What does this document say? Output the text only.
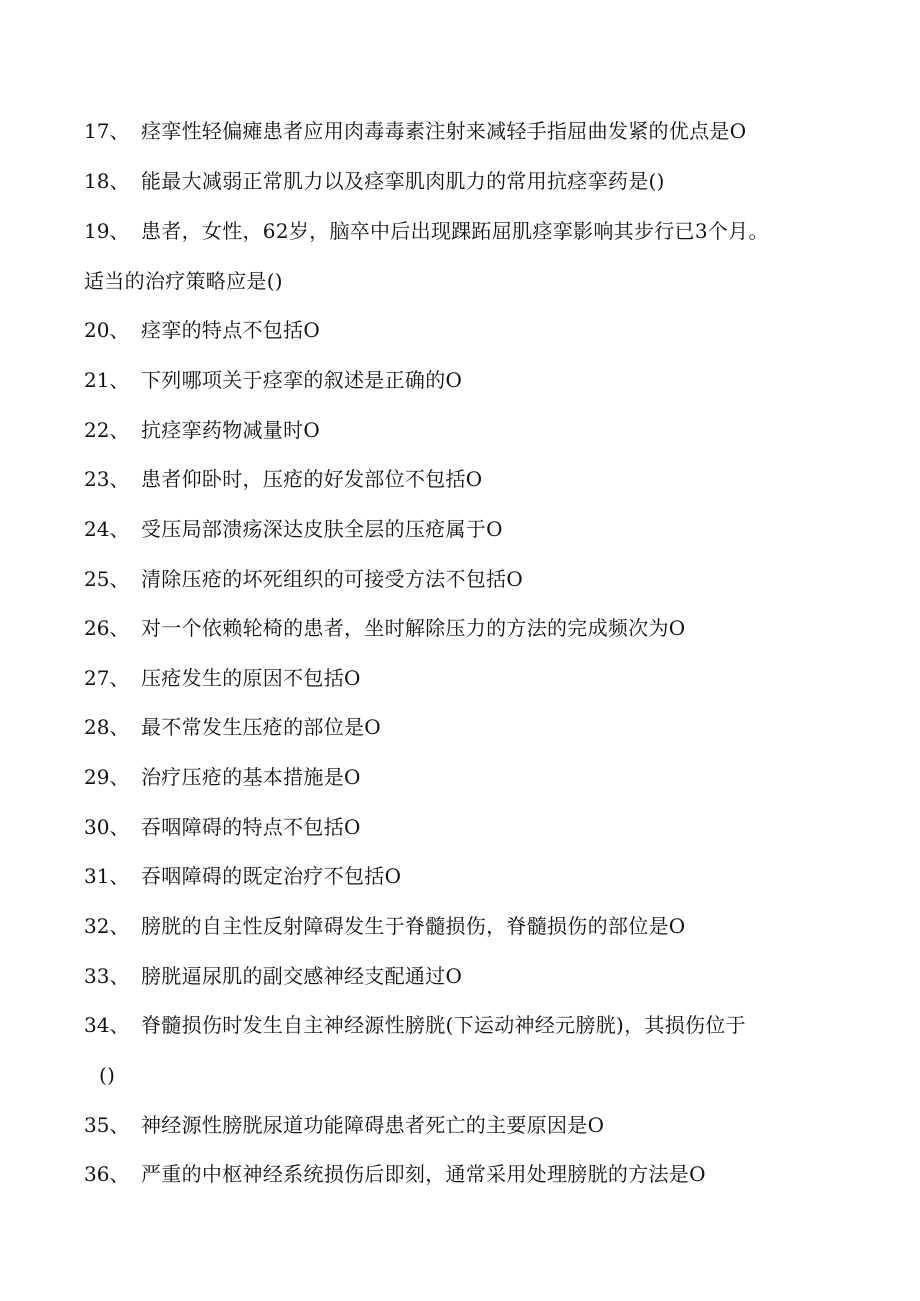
17、 痉挛性轻偏瘫患者应用肉毒毒素注射来减轻手指屈曲发紧的优点是O
18、 能最大减弱正常肌力以及痉挛肌肉肌力的常用抗痉挛药是()
19、 患者，女性，62岁，脑卒中后出现踝跖屈肌痉挛影响其步行已3个月。
适当的治疗策略应是()
20、 痉挛的特点不包括O
21、 下列哪项关于痉挛的叙述是正确的O
22、 抗痉挛药物减量时O
23、 患者仰卧时，压疮的好发部位不包括O
24、 受压局部溃疡深达皮肤全层的压疮属于O
25、 清除压疮的坏死组织的可接受方法不包括O
26、 对一个依赖轮椅的患者，坐时解除压力的方法的完成频次为O
27、 压疮发生的原因不包括O
28、 最不常发生压疮的部位是O
29、 治疗压疮的基本措施是O
30、 吞咽障碍的特点不包括O
31、 吞咽障碍的既定治疗不包括O
32、 膀胱的自主性反射障碍发生于脊髓损伤，脊髓损伤的部位是O
33、 膀胱逼尿肌的副交感神经支配通过O
34、 脊髓损伤时发生自主神经源性膀胱(下运动神经元膀胱)，其损伤位于
()
35、 神经源性膀胱尿道功能障碍患者死亡的主要原因是O
36、 严重的中枢神经系统损伤后即刻，通常采用处理膀胱的方法是O
